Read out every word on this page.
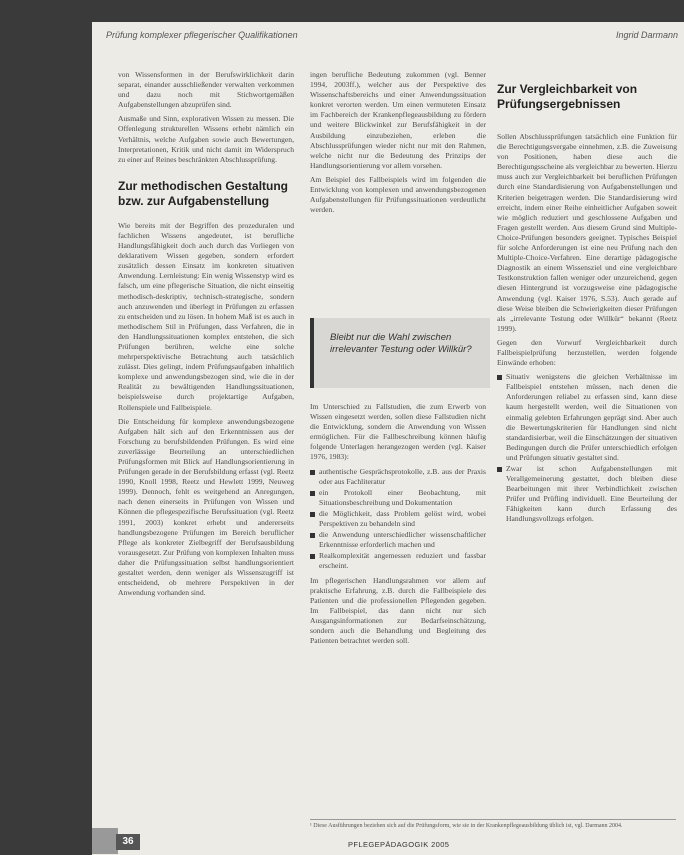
Prüfung komplexer pflegerischer Qualifikationen	Ingrid Darmann

von Wissensformen in der Berufswirklichkeit darin separat, einander ausschließender verwalten verkommen und dazu noch mit Stichwortgemäßen Aufgabenstellungen abzuprüfen sind.

Ausmaße und Sinn, explorativen Wissen zu messen. Die Offenlegung strukturellen Wissens erhebt nämlich ein Verhältnis, welche Aufgaben sowie auch Bewertungen, Interpretationen, Kritik und nicht damit im Widerspruch zu einer auf Reines beschränkten Abschlussprüfung.

Zur methodischen Gestaltung bzw. zur Aufgabenstellung

Wie bereits mit der Begriffen des prozeduralen und fachlichen Wissens angedeutet, ist berufliche Handlungsfähigkeit doch auch durch das Vorliegen von deklarativem Wissen gegeben, sondern erfordert zusätzlich dessen Einsatz im konkreten situativen Anwendung. Lernleistung: Ein wenig Wissenstyp wird es falsch, um eine pflegerische Situation, die nicht einseitig methodisch-deskriptiv, technisch-strategische, sondern auch anzuwenden und überlegt in Prüfungen zu erfassen zu entscheiden und zu lösen. In hohem Maß ist es auch in methodischem Stil in Prüfungen, dass Verfahren, die in den Handlungssituationen komplex entstehen, die sich Prüfungen berühren, welche eine solche mehrperspektivische Betrachtung auch tatsächlich zulässt. Dies gelingt, indem Prüfungsaufgaben inhaltlich komplexe und anwendungsbezogen sind, wie die in der Realität zu bewältigenden Handlungssituationen, beispielsweise durch projektartige Aufgaben, Rollenspiele und Fallbeispiele.

Die Entscheidung für komplexe anwendungsbezogene Aufgaben hält sich auf den Erkenntnissen aus der Forschung zu berufsbildenden Prüfungen. Es wird eine zuverlässige Beurteilung an unterschiedlichen Prüfungsformen mit Blick auf Handlungsorientierung in Prüfungen gerade in der Berufsbildung erfasst (vgl. Reetz 1990, Knoll 1998, Reetz und Hewlett 1999, Neuweg 1999). Dennoch, fehlt es weitgehend an Anregungen, nach denen einerseits in Prüfungen von Wissen und Können die pflegespezifische Berufssituation (vgl. Reetz 1991, 2003) konkret erhebt und andererseits handlungsbezogene Prüfungen im Bereich beruflicher Pflege als konkreter Zielbegriff der Berufsausbildung vorausgesetzt. Zur Prüfung von komplexen Inhalten muss daher die Prüfungssituation selbst handlungsorientiert gestaltet werden, denn weniger als Wissenszugriff ist entscheidend, ob mehrere Perspektiven in der Anwendung vorhanden sind.

ingen berufliche Bedeutung zukommen (vgl. Benner 1994, 2003ff.), welcher aus der Perspektive des Wissenschaftsbereichs und einer Anwendungssituation konkret verorten werden. Um einen vermuteten Einsatz im Fachbereich der Krankenpflegeausbildung zu fördern und weitere Blickwinkel zur Berufsfähigkeit in der Ausbildung einzubeziehen, erleben die Abschlussprüfungen wieder nicht nur mit den Rahmen, welche nicht nur die Bedeutung des Prinzips der Handlungsorientierung vor allem vorsehen.

Am Beispiel des Fallbeispiels wird im folgenden die Entwicklung von komplexen und anwendungsbezogenen Aufgabenstellungen für Prüfungssituationen verdeutlicht werden.

Bleibt nur die Wahl zwischen irrelevanter Testung oder Willkür?

Im Unterschied zu Fallstudien, die zum Erwerb von Wissen eingesetzt werden, sollen diese Fallstudien nicht die Entwicklung, sondern die Anwendung von Wissen ermöglichen. Für die Fallbeschreibung können häufig folgende Unterlagen herangezogen werden (vgl. Kaiser 1976, 1983):

authentische Gesprächsprotokolle, z.B. aus der Praxis oder aus Fachliteratur
ein Protokoll einer Beobachtung, mit Situationsbeschreibung und Dokumentation
die Möglichkeit, dass Problem gelöst wird, wobei Perspektiven zu behandeln sind
die Anwendung unterschiedlicher wissenschaftlicher Erkenntnisse erforderlich machen und
Realkomplexität angemessen reduziert und fassbar erscheint.

Im pflegerischen Handlungsrahmen vor allem auf praktische Erfahrung, z.B. durch die Fallbeispiele des Patienten und die professionellen Pflegenden gegeben. Im Fallbeispiel, das dann nicht nur sich Ausgangsinformationen zur Bedarfseinschätzung, sondern auch die Behandlung und Begleitung des Patienten betrachtet werden soll.

Zur Vergleichbarkeit von Prüfungsergebnissen

Sollen Abschlussprüfungen tatsächlich eine Funktion für die Berechtigungsvergabe einnehmen, z.B. die Zuweisung von Positionen, haben diese auch die Berechtigungsscheine als vergleichbar zu bewerten. Hierzu muss auch zur Vergleichbarkeit bei beruflichen Prüfungen durch eine Standardisierung von Aufgabenstellungen und Kriterien beigetragen werden. Die Standardisierung wird erreicht, indem einer Reihe einheitlicher Aufgaben soweit wie möglich reduziert und geschlossene Aufgaben und Fragen gestellt werden. Aus diesem Grund sind Multiple-Choice-Prüfungen besonders geeignet. Typisches Beispiel für solche Anforderungen ist eine neu Prüfung nach den Multiple-Choice-Verfahren. Eine derartige pädagogische Diagnostik an einem Wissensziel und eine vergleichbare Testkonstruktion fallen weniger oder unzureichend, gegen diesen Hintergrund ist vorzugsweise eine pädagogische Anwendung (vgl. Kaiser 1976, S.53). Auch gerade auf diese Weise bleiben die Schwierigkeiten dieser Prüfungen als „irrelevante Testung oder Willkür“ bekannt (Reetz 1999).

Gegen den Vorwurf Vergleichbarkeit durch Fallbeispielprüfung herzustellen, werden folgende Einwände erhoben:

Situativ wenigstens die gleichen Verhältnisse im Fallbeispiel entstehen müssen, nach denen die Anforderungen reliabel zu erfassen sind, kann diese kaum hergestellt werden, weil die Situationen von einmalig gelebten Erfahrungen geprägt sind. Aber auch die Bewertungskriterien für Handlungen sind nicht standardisierbar, weil die Einschätzungen der situativen Bedingungen durch die Prüfer unterschiedlich erfolgen und Prüfungen situativ gestaltet sind.
Zwar ist schon Aufgabenstellungen mit Verallgemeinerung gestattet, doch bleiben diese Bearbeitungen mit ihrer Verbindlichkeit zwischen Prüfer und Prüfling individuell. Eine Beurteilung der Fähigkeiten kann durch Erfassung des Handlungsvollzugs erfolgen.
¹ Diese Ausführungen beziehen sich auf die Prüfungsform, wie sie in der Krankenpflegeausbildung üblich ist, vgl. Darmann 2004.
36	PFLEGEPÄDAGOGIK 2005
